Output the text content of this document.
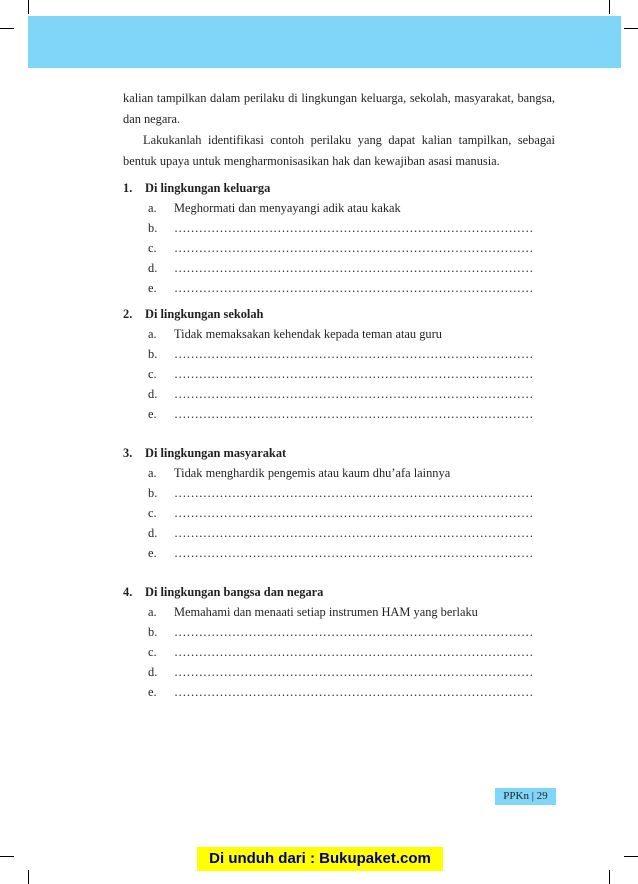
kalian tampilkan dalam perilaku di lingkungan keluarga, sekolah, masyarakat, bangsa, dan negara.

Lakukanlah identifikasi contoh perilaku yang dapat kalian tampilkan, sebagai bentuk upaya untuk mengharmonisasikan hak dan kewajiban asasi manusia.

1.	Di lingkungan keluarga
a.	Meghormati dan menyayangi adik atau kakak
b.	……………………………………………………………………………
c.	……………………………………………………………………………
d.	……………………………………………………………………………
e.	……………………………………………………………………………
2.	Di lingkungan sekolah
a.	Tidak memaksakan kehendak kepada teman atau guru
b.	……………………………………………………………………………
c.	……………………………………………………………………………
d.	……………………………………………………………………………
e.	……………………………………………………………………………
3.	Di lingkungan masyarakat
a.	Tidak menghardik pengemis atau kaum dhu’afa lainnya
b.	……………………………………………………………………………
c.	……………………………………………………………………………
d.	……………………………………………………………………………
e.	……………………………………………………………………………
4.	Di lingkungan bangsa dan negara
a.	Memahami dan menaati setiap instrumen HAM yang berlaku
b.	……………………………………………………………………………
c.	……………………………………………………………………………
d.	……………………………………………………………………………
e.	……………………………………………………………………………
PPKn | 29
Di unduh dari : Bukupaket.com
